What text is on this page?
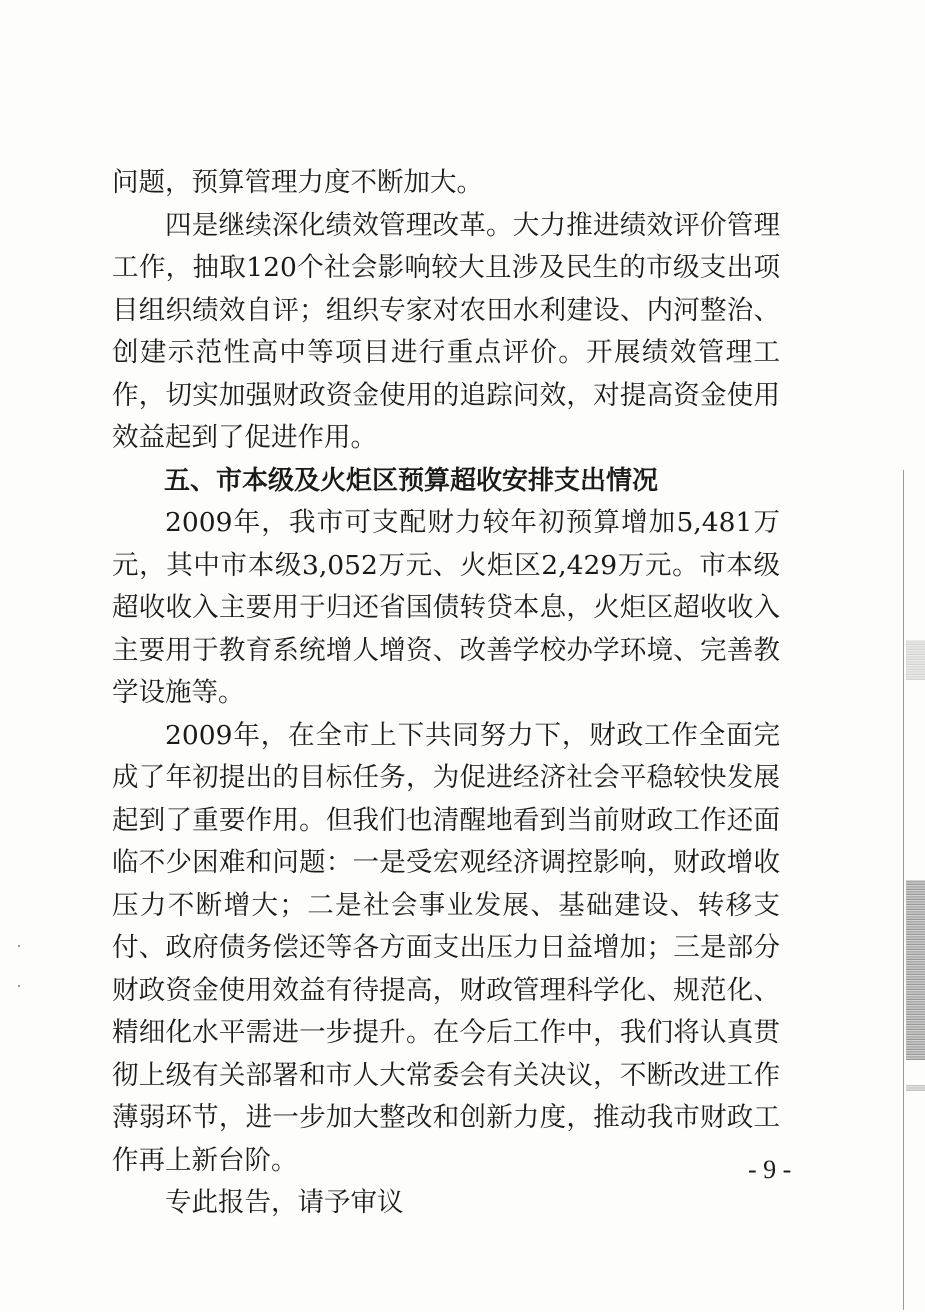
问题，预算管理力度不断加大。

四是继续深化绩效管理改革。大力推进绩效评价管理工作，抽取120个社会影响较大且涉及民生的市级支出项目组织绩效自评；组织专家对农田水利建设、内河整治、创建示范性高中等项目进行重点评价。开展绩效管理工作，切实加强财政资金使用的追踪问效，对提高资金使用效益起到了促进作用。

五、市本级及火炬区预算超收安排支出情况

2009年，我市可支配财力较年初预算增加5,481万元，其中市本级3,052万元、火炬区2,429万元。市本级超收收入主要用于归还省国债转贷本息，火炬区超收收入主要用于教育系统增人增资、改善学校办学环境、完善教学设施等。

2009年，在全市上下共同努力下，财政工作全面完成了年初提出的目标任务，为促进经济社会平稳较快发展起到了重要作用。但我们也清醒地看到当前财政工作还面临不少困难和问题：一是受宏观经济调控影响，财政增收压力不断增大；二是社会事业发展、基础建设、转移支付、政府债务偿还等各方面支出压力日益增加；三是部分财政资金使用效益有待提高，财政管理科学化、规范化、精细化水平需进一步提升。在今后工作中，我们将认真贯彻上级有关部署和市人大常委会有关决议，不断改进工作薄弱环节，进一步加大整改和创新力度，推动我市财政工作再上新台阶。

专此报告，请予审议

- 9 -
